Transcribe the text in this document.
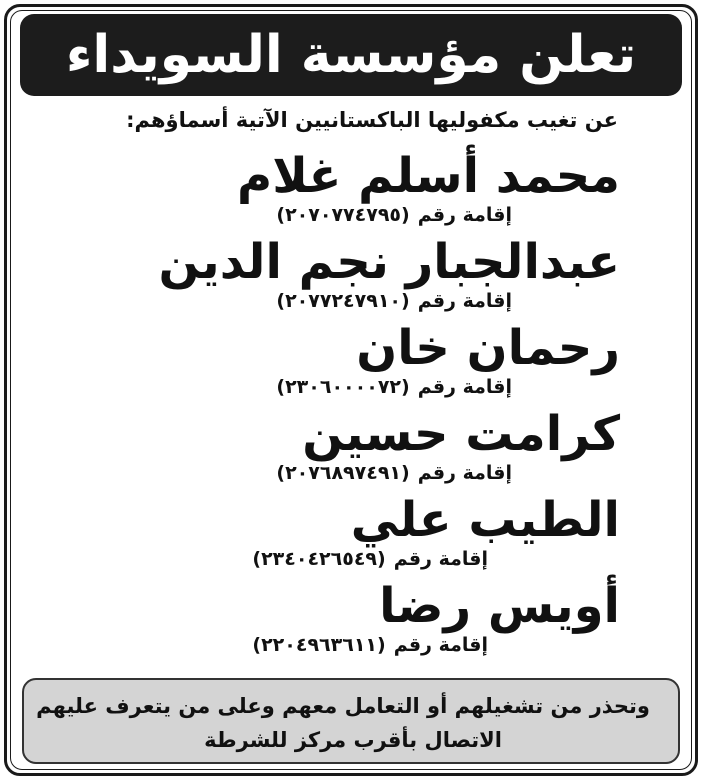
تعلن مؤسسة السويداء
عن تغيب مكفوليها الباكستانيين الآتية أسماؤهم:
محمد أسلم غلام
إقامة رقم(٢٠٧٠٧٧٤٧٩٥)
عبدالجبار نجم الدين
إقامة رقم(٢٠٧٧٢٤٧٩١٠)
رحمان خان
إقامة رقم(٢٣٠٦٠٠٠٠٧٢)
كرامت حسين
إقامة رقم(٢٠٧٦٨٩٧٤٩١)
الطيب علي
إقامة رقم(٢٣٤٠٤٢٦٥٤٩)
أويس رضا
إقامة رقم(٢٢٠٤٩٦٣٦١١)
وتحذر من تشغيلهم أو التعامل معهم وعلى من يتعرف عليهم
الاتصال بأقرب مركز للشرطة
